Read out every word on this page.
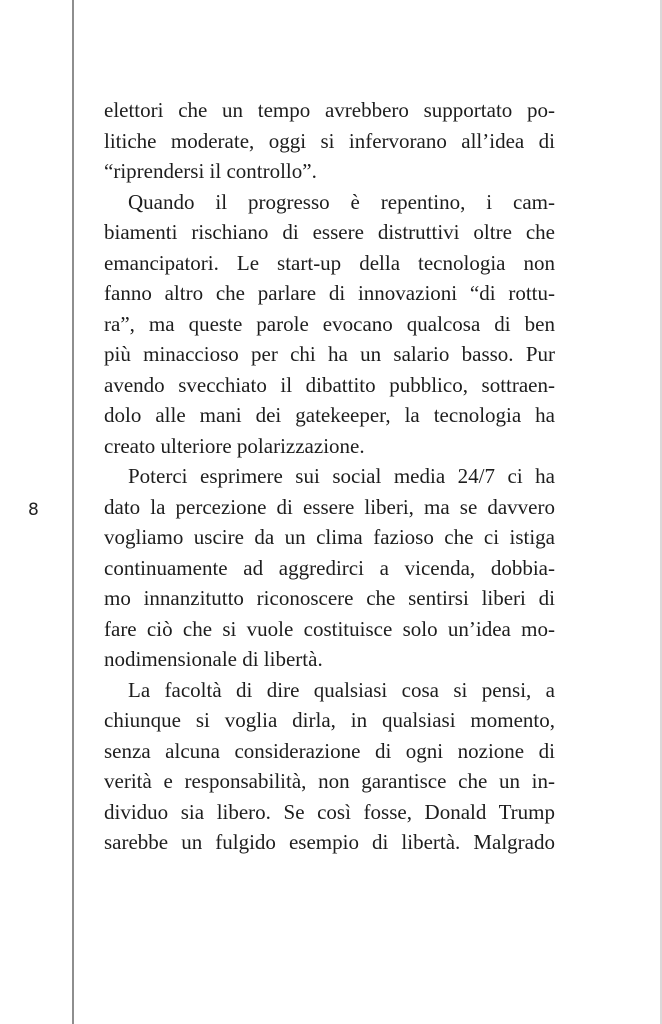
8
elettori che un tempo avrebbero supportato po-
litiche moderate, oggi si infervorano all’idea di
“riprendersi il controllo”.
Quando il progresso è repentino, i cam-
biamenti rischiano di essere distruttivi oltre che
emancipatori. Le start-up della tecnologia non
fanno altro che parlare di innovazioni “di rottu-
ra”, ma queste parole evocano qualcosa di ben
più minaccioso per chi ha un salario basso. Pur
avendo svecchiato il dibattito pubblico, sottraen-
dolo alle mani dei gatekeeper, la tecnologia ha
creato ulteriore polarizzazione.
Poterci esprimere sui social media 24/7 ci ha
dato la percezione di essere liberi, ma se davvero
vogliamo uscire da un clima fazioso che ci istiga
continuamente ad aggredirci a vicenda, dobbia-
mo innanzitutto riconoscere che sentirsi liberi di
fare ciò che si vuole costituisce solo un’idea mo-
nodimensionale di libertà.
La facoltà di dire qualsiasi cosa si pensi, a
chiunque si voglia dirla, in qualsiasi momento,
senza alcuna considerazione di ogni nozione di
verità e responsabilità, non garantisce che un in-
dividuo sia libero. Se così fosse, Donald Trump
sarebbe un fulgido esempio di libertà. Malgrado
